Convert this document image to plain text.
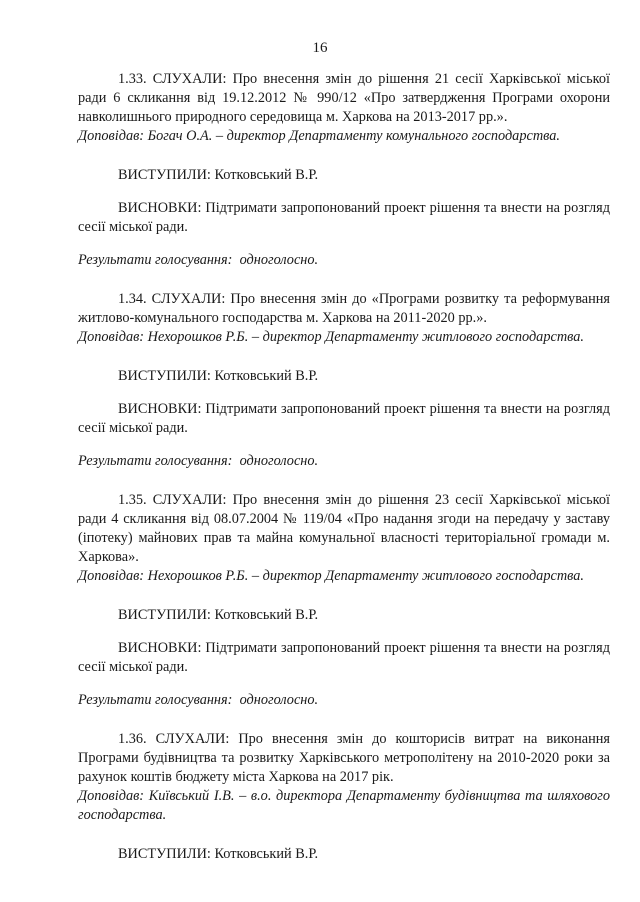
16

1.33. СЛУХАЛИ: Про внесення змін до рішення 21 сесії Харківської міської ради 6 скликання від 19.12.2012 № 990/12 «Про затвердження Програми охорони навколишнього природного середовища м. Харкова на 2013-2017 рр.».

Доповідав: Богач О.А. – директор Департаменту комунального господарства.

ВИСТУПИЛИ: Котковський В.Р.

ВИСНОВКИ: Підтримати запропонований проект рішення та внести на розгляд сесії міської ради.

Результати голосування: одноголосно.

1.34. СЛУХАЛИ: Про внесення змін до «Програми розвитку та реформування житлово-комунального господарства м. Харкова на 2011-2020 рр.».

Доповідав: Нехорошков Р.Б. – директор Департаменту житлового господарства.

ВИСТУПИЛИ: Котковський В.Р.

ВИСНОВКИ: Підтримати запропонований проект рішення та внести на розгляд сесії міської ради.

Результати голосування: одноголосно.

1.35. СЛУХАЛИ: Про внесення змін до рішення 23 сесії Харківської міської ради 4 скликання від 08.07.2004 № 119/04 «Про надання згоди на передачу у заставу (іпотеку) майнових прав та майна комунальної власності територіальної громади м. Харкова».

Доповідав: Нехорошков Р.Б. – директор Департаменту житлового господарства.

ВИСТУПИЛИ: Котковський В.Р.

ВИСНОВКИ: Підтримати запропонований проект рішення та внести на розгляд сесії міської ради.

Результати голосування: одноголосно.

1.36. СЛУХАЛИ: Про внесення змін до кошторисів витрат на виконання Програми будівництва та розвитку Харківського метрополітену на 2010-2020 роки за рахунок коштів бюджету міста Харкова на 2017 рік.

Доповідав: Київський І.В. – в.о. директора Департаменту будівництва та шляхового господарства.

ВИСТУПИЛИ: Котковський В.Р.
